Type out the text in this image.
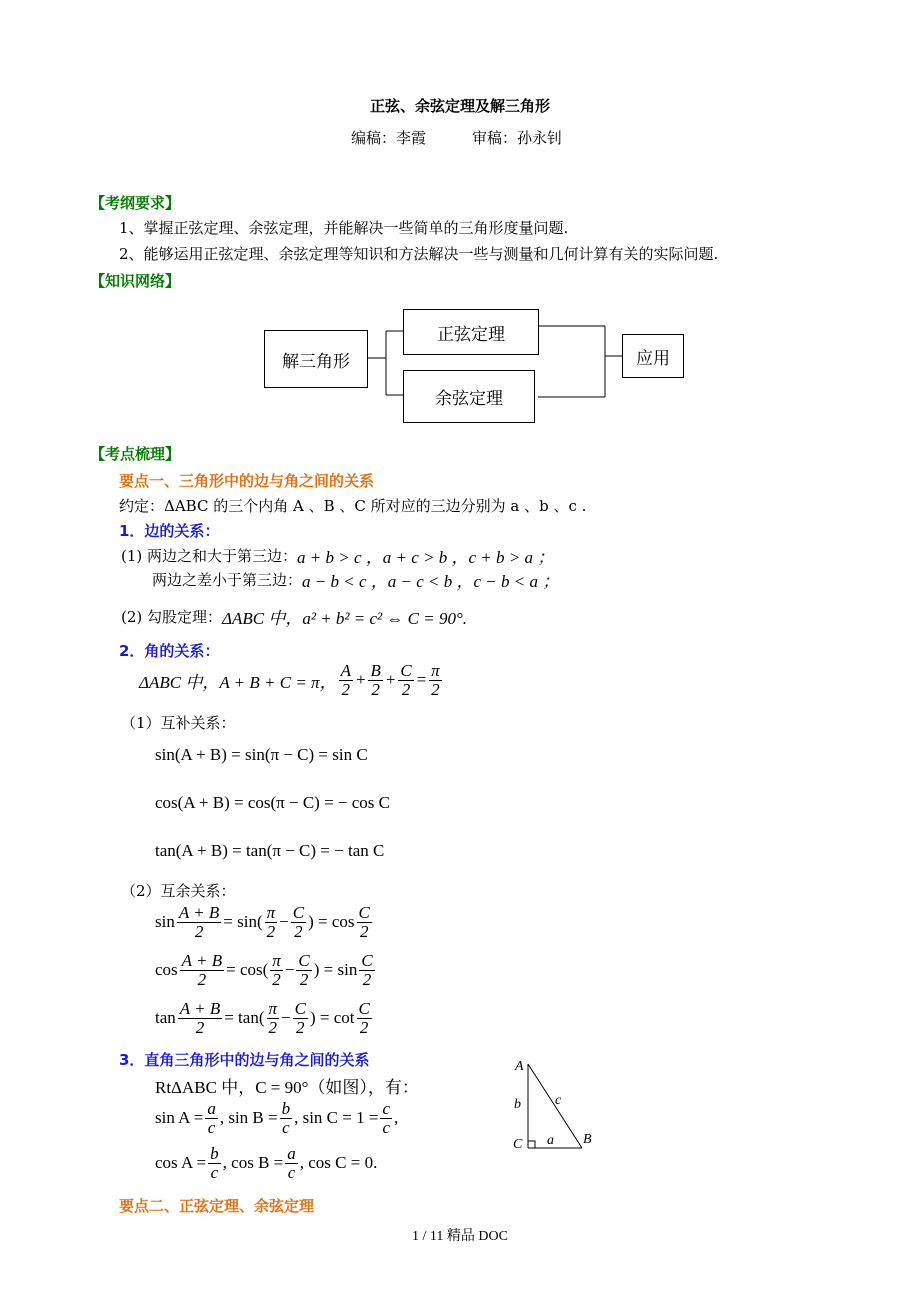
正弦、余弦定理及解三角形
编稿：李霞	审稿：孙永钊
【考纲要求】
1、掌握正弦定理、余弦定理，并能解决一些简单的三角形度量问题.
2、能够运用正弦定理、余弦定理等知识和方法解决一些与测量和几何计算有关的实际问题.
【知识网络】
解三角形
正弦定理
余弦定理
应用
【考点梳理】
要点一、三角形中的边与角之间的关系
约定：ΔABC 的三个内角 A 、B 、C 所对应的三边分别为 a 、b 、c .
1．边的关系：
(1) 两边之和大于第三边： a + b > c ，a + c > b ，c + b > a ；
两边之差小于第三边： a − b < c ，a − c < b ，c − b < a ；
(2) 勾股定理： ΔABC 中，a² + b² = c² ⇔ C = 90°.
2．角的关系：
ΔABC 中，A + B + C = π， $\frac{A}{2} + \frac{B}{2} + \frac{C}{2} = \frac{\pi}{2}$
（1）互补关系：
sin(A + B) = sin(π − C) = sin C
cos(A + B) = cos(π − C) = − cos C
tan(A + B) = tan(π − C) = − tan C
（2）互余关系：
$\sin \frac{A + B}{2} = \sin( \frac{\pi}{2} - \frac{C}{2}$ ) = $\cos \frac{C}{2}$
$\cos \frac{A + B}{2} = \cos( \frac{\pi}{2} - \frac{C}{2}$ ) = $\sin \frac{C}{2}$
$\tan \frac{A + B}{2} = \tan( \frac{\pi}{2} - \frac{C}{2}$ ) = $\cot \frac{C}{2}$
3．直角三角形中的边与角之间的关系
RtΔABC 中，C = 90°（如图），有：
$\sin A = \frac{a}{c}$ , $\sin B = \frac{b}{c}$ , $\sin C = 1 = \frac{c}{c}$ ,
$\cos A = \frac{b}{c}$ , $\cos B = \frac{a}{c}$ , cos C = 0.
A
C	B
b c
a
要点二、正弦定理、余弦定理
1 / 11 精品 DOC
